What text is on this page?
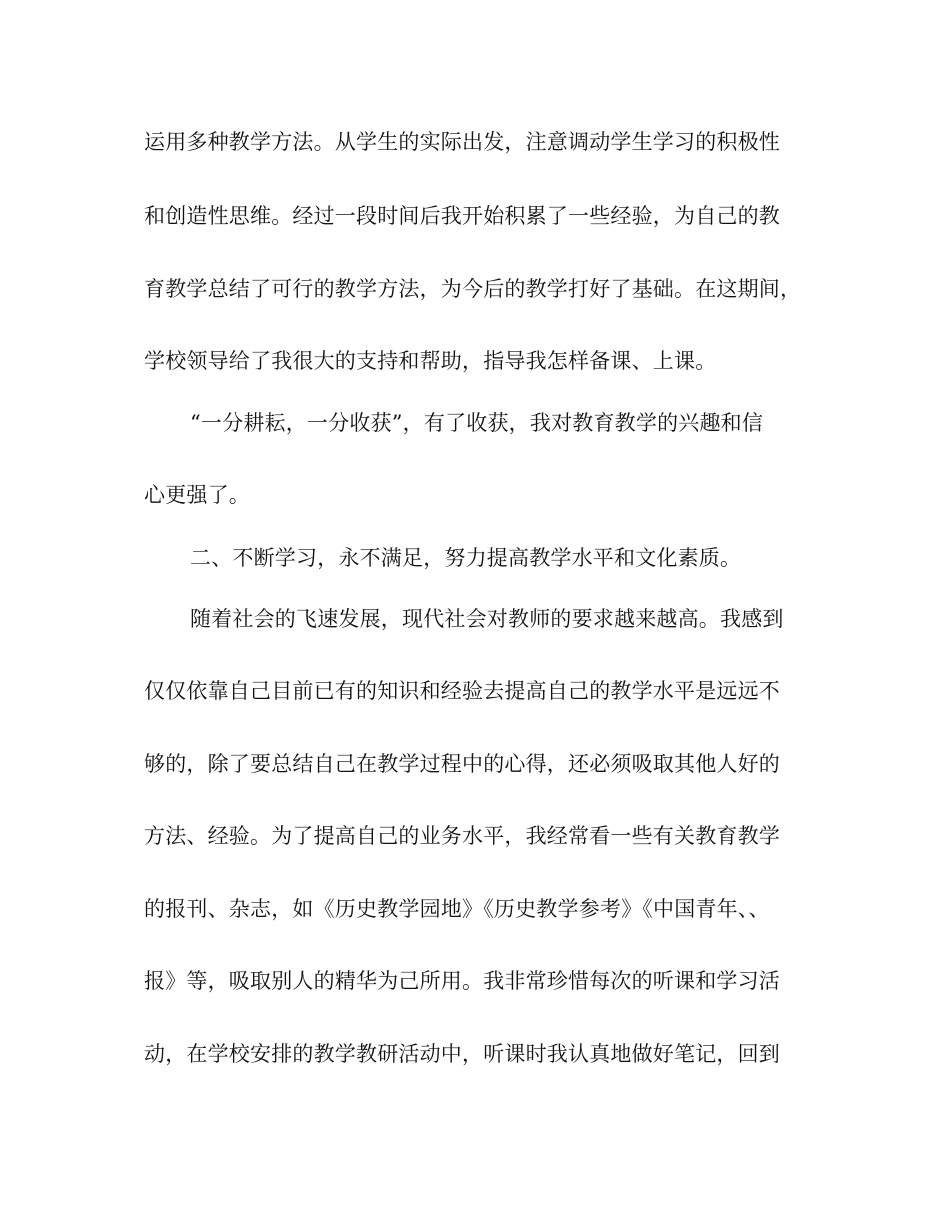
运用多种教学方法。从学生的实际出发，注意调动学生学习的积极性
和创造性思维。经过一段时间后我开始积累了一些经验，为自己的教
育教学总结了可行的教学方法，为今后的教学打好了基础。在这期间，
学校领导给了我很大的支持和帮助，指导我怎样备课、上课。
“一分耕耘，一分收获”，有了收获，我对教育教学的兴趣和信
心更强了。
二、不断学习，永不满足，努力提高教学水平和文化素质。
随着社会的飞速发展，现代社会对教师的要求越来越高。我感到
仅仅依靠自己目前已有的知识和经验去提高自己的教学水平是远远不
够的，除了要总结自己在教学过程中的心得，还必须吸取其他人好的
方法、经验。为了提高自己的业务水平，我经常看一些有关教育教学
的报刊、杂志，如《历史教学园地》《历史教学参考》《中国青年、、
报》等，吸取别人的精华为己所用。我非常珍惜每次的听课和学习活
动，在学校安排的教学教研活动中，听课时我认真地做好笔记，回到
